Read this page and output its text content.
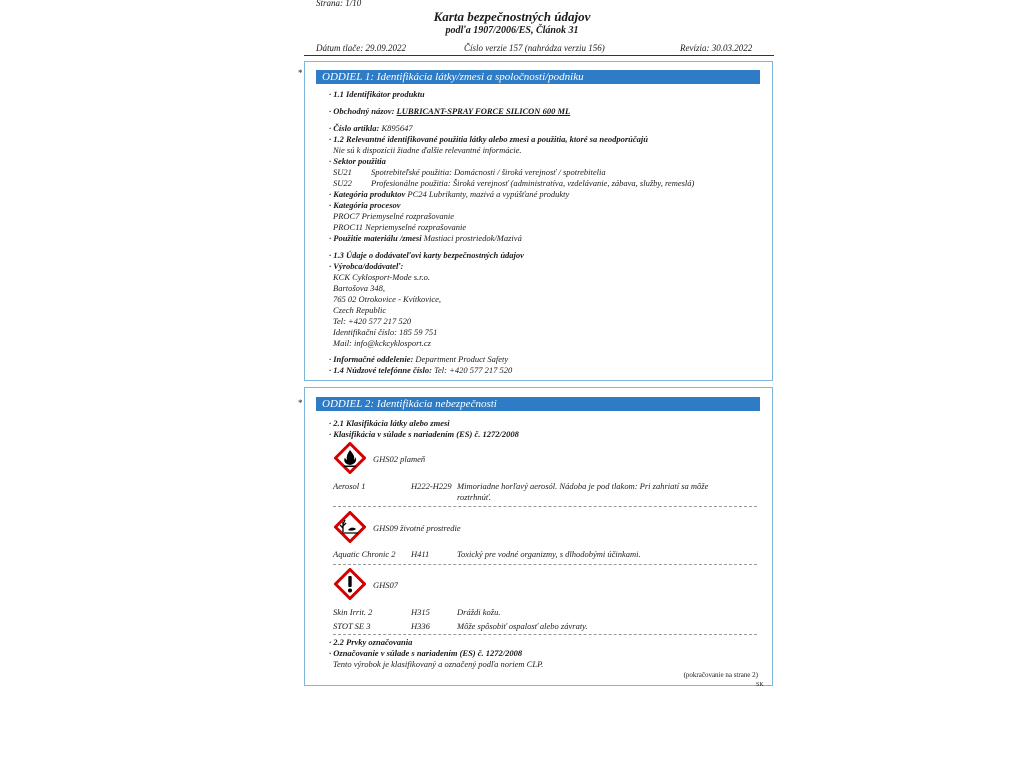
Strana: 1/10
Karta bezpečnostných údajov
podľa 1907/2006/ES, Článok 31
Dátum tlače: 29.09.2022	Číslo verzie 157 (nahrádza verziu 156)	Revízia: 30.03.2022
*	ODDIEL 1: Identifikácia látky/zmesi a spoločnosti/podniku
· 1.1 Identifikátor produktu
· Obchodný názov: LUBRICANT-SPRAY FORCE SILICON 600 ML
· Číslo artikla: K895647
· 1.2 Relevantné identifikované použitia látky alebo zmesi a použitia, ktoré sa neodporúčajú
Nie sú k dispozícii žiadne ďalšie relevantné informácie.
· Sektor použitia
SU21 Spotrebiteľské použitia: Domácnosti / široká verejnosť / spotrebitelia
SU22 Profesionálne použitia: Široká verejnosť (administratíva, vzdelávanie, zábava, služby, remeslá)
· Kategória produktov PC24 Lubrikanty, mazivá a vypúšťané produkty
· Kategória procesov
PROC7 Priemyselné rozprašovanie
PROC11 Nepriemyselné rozprašovanie
· Použitie materiálu /zmesi Mastiaci prostriedok/Mazivá
· 1.3 Údaje o dodávateľovi karty bezpečnostných údajov
· Výrobca/dodávateľ:
KCK Cyklosport-Mode s.r.o.
Bartošova 348,
765 02 Otrokovice - Kvítkovice,
Czech Republic
Tel: +420 577 217 520
Identifikační číslo: 185 59 751
Mail: info@kckcyklosport.cz
· Informačné oddelenie: Department Product Safety
· 1.4 Núdzové telefónne číslo: Tel: +420 577 217 520
*	ODDIEL 2: Identifikácia nebezpečnosti
· 2.1 Klasifikácia látky alebo zmesi
· Klasifikácia v súlade s nariadením (ES) č. 1272/2008
GHS02 plameň
Aerosol 1	H222-H229 Mimoriadne horľavý aerosól. Nádoba je pod tlakom: Pri zahriatí sa môže
roztrhnúť.
GHS09 životné prostredie
Aquatic Chronic 2 H411	Toxický pre vodné organizmy, s dlhodobými účinkami.
GHS07
Skin Irrit. 2	H315	Dráždi kožu.
STOT SE 3	H336	Môže spôsobiť ospalosť alebo závraty.
· 2.2 Prvky označovania
· Označovanie v súlade s nariadením (ES) č. 1272/2008
Tento výrobok je klasifikovaný a označený podľa noriem CLP.
(pokračovanie na strane 2)
SK
